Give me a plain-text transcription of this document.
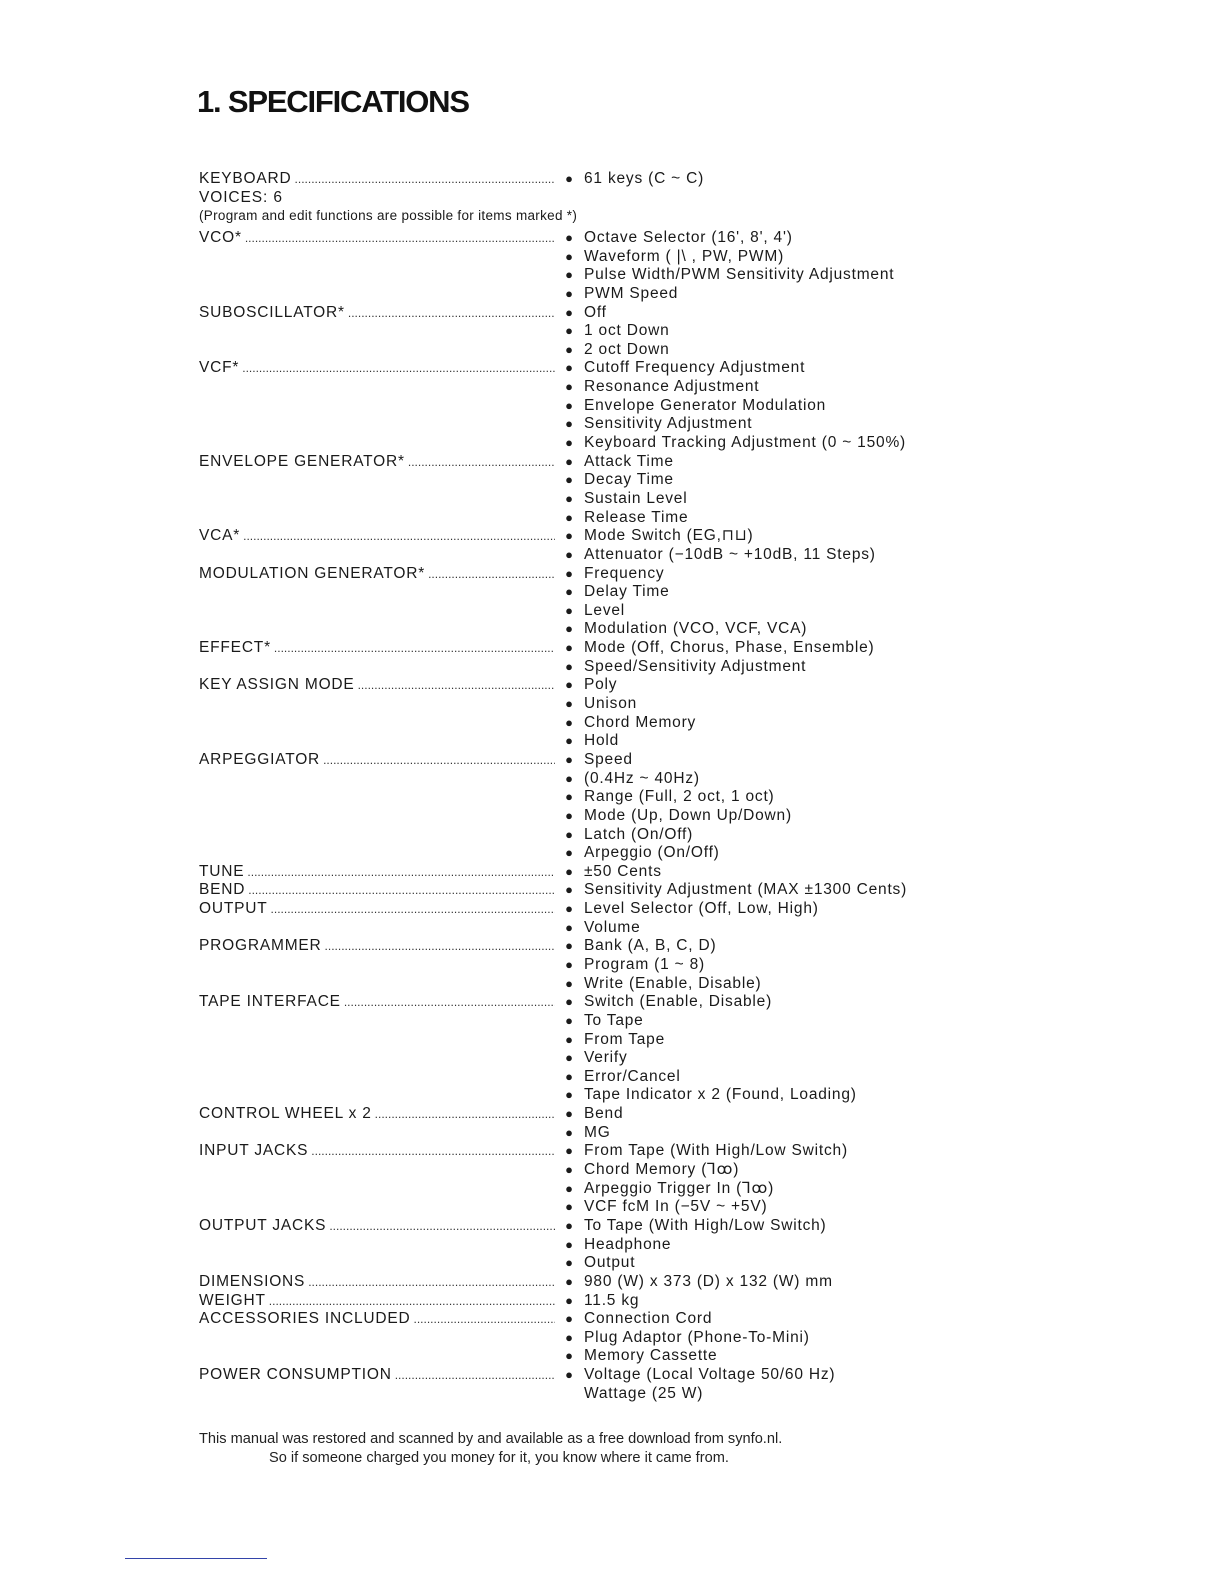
1. SPECIFICATIONS
KEYBOARD .....	● 61 keys (C ~ C)
VOICES: 6
(Program and edit functions are possible for items marked *)
VCO* .....	● Octave Selector (16', 8', 4')
● Waveform ( |\ , PW, PWM)
● Pulse Width/PWM Sensitivity Adjustment
● PWM Speed
SUBOSCILLATOR* .....	● Off
● 1 oct Down
● 2 oct Down
VCF* .....	● Cutoff Frequency Adjustment
● Resonance Adjustment
● Envelope Generator Modulation
● Sensitivity Adjustment
● Keyboard Tracking Adjustment (0 ~ 150%)
ENVELOPE GENERATOR* .....	● Attack Time
● Decay Time
● Sustain Level
● Release Time
VCA* .....	● Mode Switch (EG,⊓⊔)
● Attenuator (−10dB ~ +10dB, 11 Steps)
MODULATION GENERATOR* .....	● Frequency
● Delay Time
● Level
● Modulation (VCO, VCF, VCA)
EFFECT* .....	● Mode (Off, Chorus, Phase, Ensemble)
● Speed/Sensitivity Adjustment
KEY ASSIGN MODE .....	● Poly
● Unison
● Chord Memory
● Hold
ARPEGGIATOR .....	● Speed
● (0.4Hz ~ 40Hz)
● Range (Full, 2 oct, 1 oct)
● Mode (Up, Down Up/Down)
● Latch (On/Off)
● Arpeggio (On/Off)
TUNE .....	● ±50 Cents
BEND .....	● Sensitivity Adjustment (MAX ±1300 Cents)
OUTPUT .....	● Level Selector (Off, Low, High)
● Volume
PROGRAMMER .....	● Bank (A, B, C, D)
● Program (1 ~ 8)
● Write (Enable, Disable)
TAPE INTERFACE .....	● Switch (Enable, Disable)
● To Tape
● From Tape
● Verify
● Error/Cancel
● Tape Indicator x 2 (Found, Loading)
CONTROL WHEEL x 2 .....	● Bend
● MG
INPUT JACKS .....	● From Tape (With High/Low Switch)
● Chord Memory (⅂ꝏ)
● Arpeggio Trigger In (⅂ꝏ)
● VCF fcM In (−5V ~ +5V)
OUTPUT JACKS .....	● To Tape (With High/Low Switch)
● Headphone
● Output
DIMENSIONS .....	● 980 (W) x 373 (D) x 132 (W) mm
WEIGHT .....	● 11.5 kg
ACCESSORIES INCLUDED .....	● Connection Cord
● Plug Adaptor (Phone-To-Mini)
● Memory Cassette
POWER CONSUMPTION .....	● Voltage (Local Voltage 50/60 Hz)
Wattage (25 W)
This manual was restored and scanned by and available as a free download from synfo.nl.
So if someone charged you money for it, you know where it came from.
